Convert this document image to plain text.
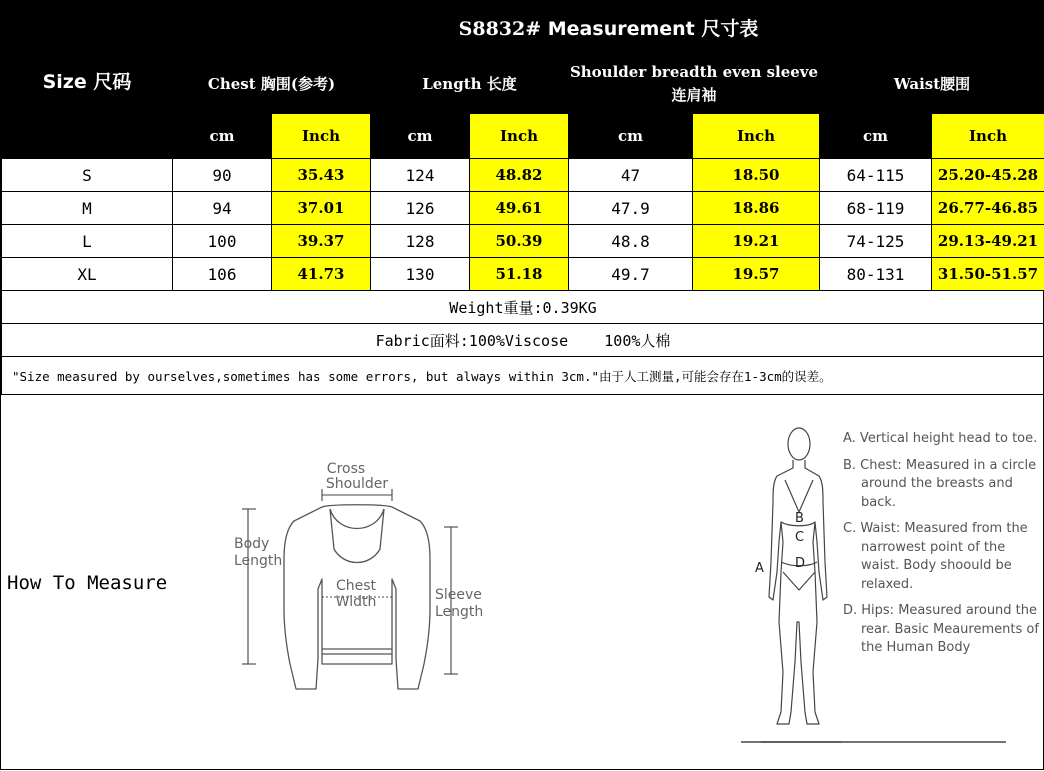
Size 尺码	S8832# Measurement 尺寸表							
	Chest 胸围(参考)		Length 长度		Shoulder breadth even sleeve
连肩袖		Waist腰围	
	cm	Inch	cm	Inch	cm	Inch	cm	Inch
S	90	35.43	124	48.82	47	18.50	64-115	25.20-45.28
M	94	37.01	126	49.61	47.9	18.86	68-119	26.77-46.85
L	100	39.37	128	50.39	48.8	19.21	74-125	29.13-49.21
XL	106	41.73	130	51.18	49.7	19.57	80-131	31.50-51.57
Weight重量:0.39KG								
Fabric面料:100%Viscose    100%人棉								
"Size measured by ourselves,sometimes has some errors, but always within 3cm."由于人工测量,可能会存在1-3cm的误差。								
How To Measure
Cross
Shoulder
Body
Length
Chest
Width	Sleeve
Length
B
C
D
A

A. Vertical height head to toe.

B. Chest: Measured in a circle around the breasts and back.

C. Waist: Measured from the narrowest point of the waist. Body shoould be relaxed.

D. Hips: Measured around the rear. Basic Meaurements of the Human Body
